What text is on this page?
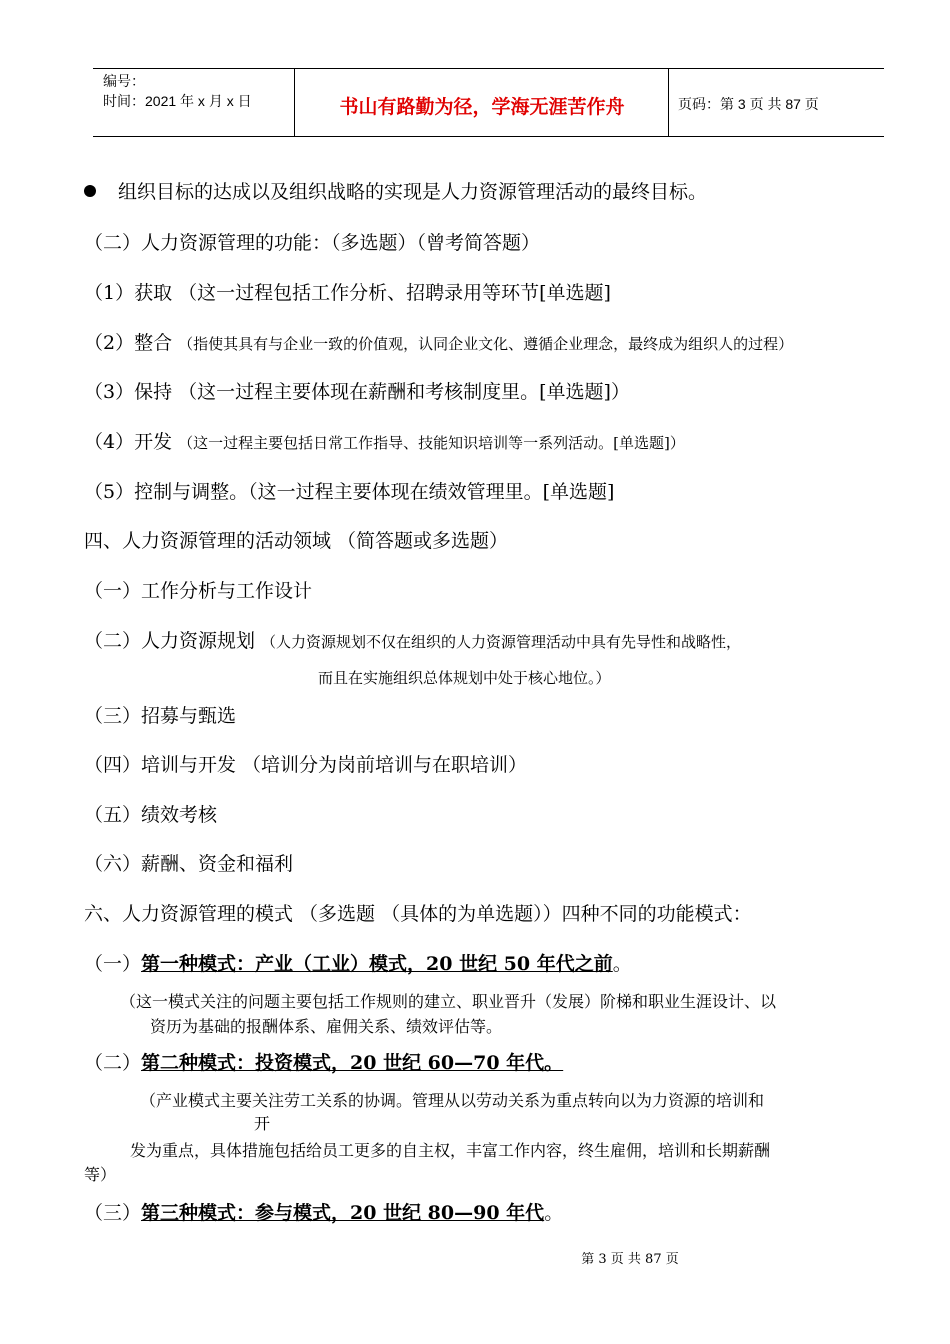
编号：
时间：2021 年 x 月 x 日	书山有路勤为径，学海无涯苦作舟	页码：第 3 页 共 87 页
组织目标的达成以及组织战略的实现是人力资源管理活动的最终目标。
（二）人力资源管理的功能：（多选题）（曾考简答题）
（1）获取 （这一过程包括工作分析、招聘录用等环节[单选题]
（2）整合 （指使其具有与企业一致的价值观，认同企业文化、遵循企业理念，最终成为组织人的过程）
（3）保持 （这一过程主要体现在薪酬和考核制度里。[单选题]）
（4）开发 （这一过程主要包括日常工作指导、技能知识培训等一系列活动。[单选题]）
（5）控制与调整。（这一过程主要体现在绩效管理里。[单选题]
四、人力资源管理的活动领域 （简答题或多选题）
（一）工作分析与工作设计
（二）人力资源规划 （人力资源规划不仅在组织的人力资源管理活动中具有先导性和战略性，
而且在实施组织总体规划中处于核心地位。）
（三）招募与甄选
（四）培训与开发 （培训分为岗前培训与在职培训）
（五）绩效考核
（六）薪酬、资金和福利
六、人力资源管理的模式 （多选题 （具体的为单选题））四种不同的功能模式：
（一）第一种模式：产业（工业）模式，20 世纪 50 年代之前。
（这一模式关注的问题主要包括工作规则的建立、职业晋升（发展）阶梯和职业生涯设计、以
资历为基础的报酬体系、雇佣关系、绩效评估等。
（二）第二种模式：投资模式，20 世纪 60—70 年代。
（产业模式主要关注劳工关系的协调。管理从以劳动关系为重点转向以为力资源的培训和
开
发为重点，具体措施包括给员工更多的自主权，丰富工作内容，终生雇佣，培训和长期薪酬
等）
（三）第三种模式：参与模式，20 世纪 80—90 年代。
第 3 页 共 87 页
